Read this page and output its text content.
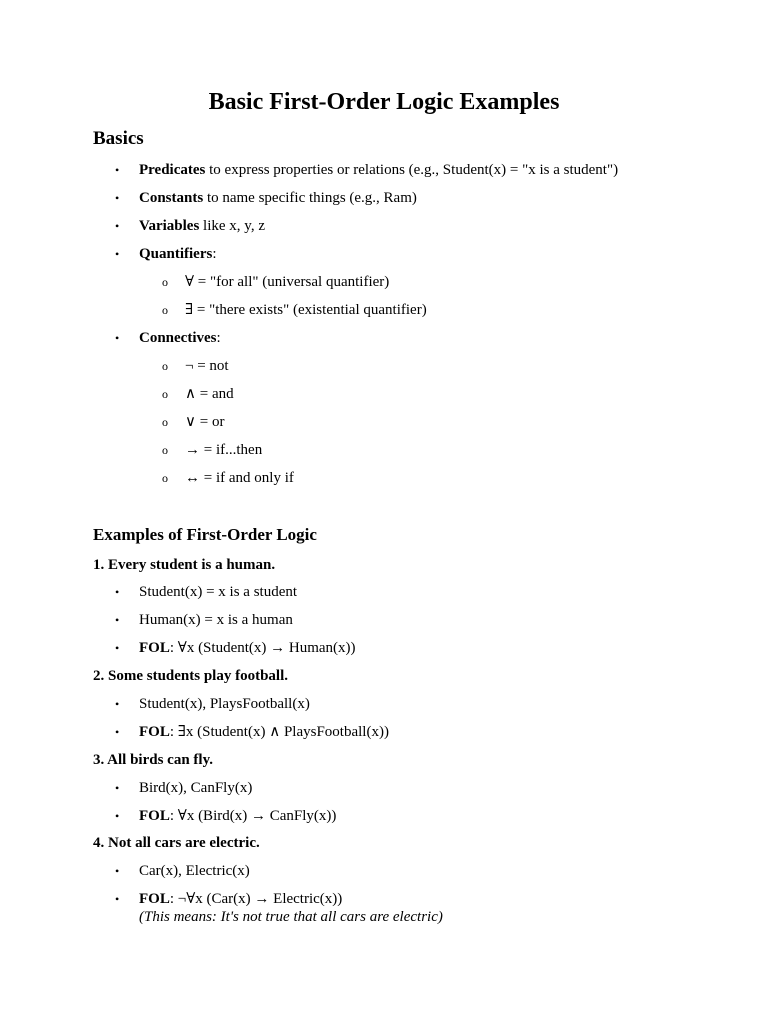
Basic First-Order Logic Examples
Basics
• Predicates to express properties or relations (e.g., Student(x) = "x is a student")
• Constants to name specific things (e.g., Ram)
• Variables like x, y, z
• Quantifiers:
o ∀ = "for all" (universal quantifier)
o ∃ = "there exists" (existential quantifier)
• Connectives:
o ¬ = not
o ∧ = and
o ∨ = or
o → = if...then
o ↔ = if and only if
Examples of First-Order Logic
1. Every student is a human.
• Student(x) = x is a student
• Human(x) = x is a human
• FOL: ∀x (Student(x) → Human(x))
2. Some students play football.
• Student(x), PlaysFootball(x)
• FOL: ∃x (Student(x) ∧ PlaysFootball(x))
3. All birds can fly.
• Bird(x), CanFly(x)
• FOL: ∀x (Bird(x) → CanFly(x))
4. Not all cars are electric.
• Car(x), Electric(x)
• FOL: ¬∀x (Car(x) → Electric(x))
(This means: It's not true that all cars are electric)
